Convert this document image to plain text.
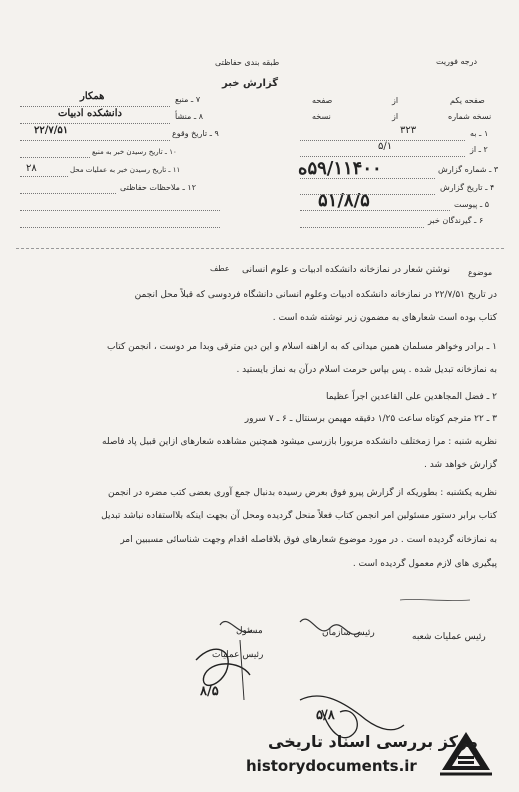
طبقه بندی حفاظتی
گزارش خبر
درجه فوریت
۷ ـ منبع
همکار
۸ ـ منشأ
دانشکده ادبیات
۹ ـ تاریخ وقوع
۲۲/۷/۵۱
۱۰ ـ تاریخ رسیدن خبر به منبع
۱۱ ـ تاریخ رسیدن خبر به عملیات محل
۲۸
۱۲ ـ ملاحظات حفاظتی
صفحه یکم
از
صفحه
نسخه شماره
از
نسخه
۱ ـ به
۳۲۳
۲ ـ از
۵/۱
۳ ـ شماره گزارش
۵۹/۱۱۴۰۰ه
۴ ـ تاریخ گزارش
۵۱/۸/۵	۵ ـ پیوست
۶ ـ گیرندگان خبر
موضوع
نوشتن شعار در نمازخانه دانشکده ادبیات و علوم انسانی
عطف
در تاریخ ۲۲/۷/۵۱ در نمازخانه دانشکده ادبیات وعلوم انسانی دانشگاه فردوسی که قبلاً محل انجمن
کتاب بوده است شعارهای به مضمون زیر نوشته شده است .
۱ ـ برادر وخواهر مسلمان همین میدانی که به اراهنه اسلام و این دین مترقی وبدا مر دوست ، انجمن کتاب
به نمازخانه تبدیل شده . پس بپاس حرمت اسلام درآن به نماز بایستید .
۲ ـ فضل المجاهدین علی القاعدین اجراً عظیما
۳ ـ ۲۲ مترجم کوتاه ساعت ۱/۲۵ دقیقه مهیمن برسنتال ـ ۶ ـ ۷ سرور
نظریه شنبه : مرا زمختلف دانشکده مزبورا بازرسی میشود همچنین مشاهده شعارهای ازاین قبیل پاد فاصله
گزارش خواهد شد .
نظریه یکشنبه : بطوریکه از گزارش پیرو فوق بعرض رسیده بدنبال جمع آوری بعضی کتب مضره در انجمن
کتاب برابر دستور مسئولین امر انجمن کتاب فعلاً منحل گردیده ومحل آن بجهت اینکه بلااستفاده نباشد تبدیل
به نمازخانه گردیده است . در مورد موضوع شعارهای فوق بلافاصله اقدام وجهت شناسائی مسببین امر
پیگیری های لازم معمول گردیده است .
رئیس عملیات شعبه
رئیس سازمان
مسئول
رئیس عملیات
۸/۵
۵/۸
مرکز بررسی اسناد تاریخی
historydocuments.ir
